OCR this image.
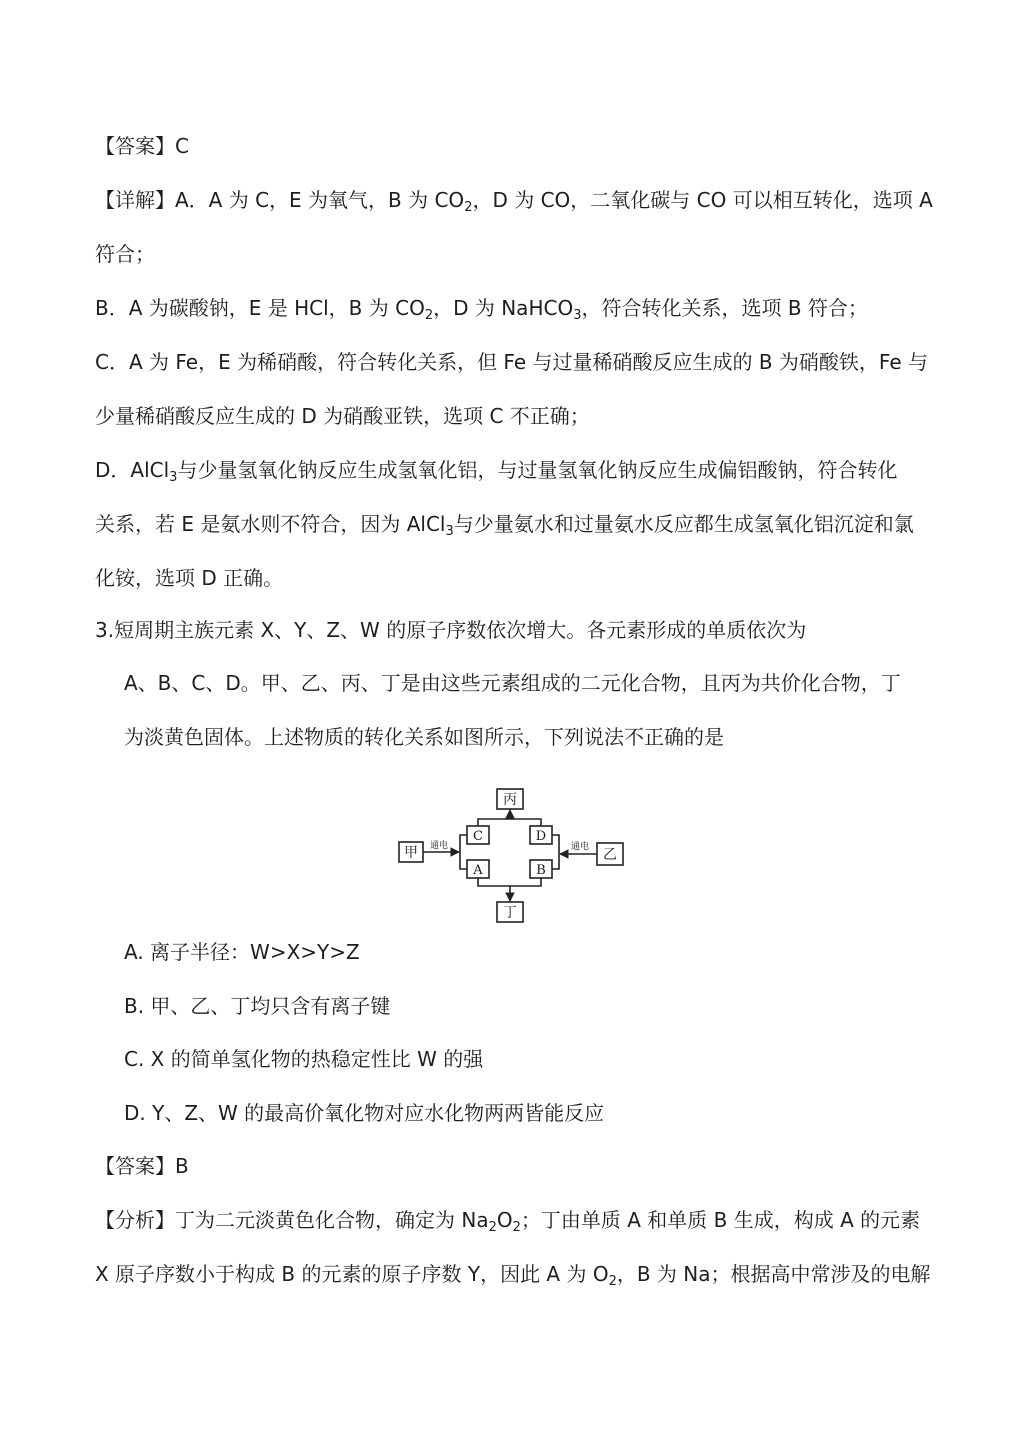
【答案】C
【详解】A．A 为 C，E 为氧气，B 为 $CO_2$，D 为 CO，二氧化碳与 CO 可以相互转化，选项 A
符合；
B．A 为碳酸钠，E 是 HCl，B 为 $CO_2$，D 为 NaHCO$_3$，符合转化关系，选项 B 符合；
C．A 为 Fe，E 为稀硝酸，符合转化关系，但 Fe 与过量稀硝酸反应生成的 B 为硝酸铁，Fe 与
少量稀硝酸反应生成的 D 为硝酸亚铁，选项 C 不正确；
D．AlCl$_3$与少量氢氧化钠反应生成氢氧化铝，与过量氢氧化钠反应生成偏铝酸钠，符合转化
关系，若 E 是氨水则不符合，因为 AlCl$_3$与少量氨水和过量氨水反应都生成氢氧化铝沉淀和氯
化铵，选项 D 正确。
3.短周期主族元素 X、Y、Z、W 的原子序数依次增大。各元素形成的单质依次为
A、B、C、D。甲、乙、丙、丁是由这些元素组成的二元化合物，且丙为共价化合物，丁
为淡黄色固体。上述物质的转化关系如图所示，下列说法不正确的是
丙
丁
甲	乙
C	D
A	B
通电	通电
A. 离子半径：W>X>Y>Z
B. 甲、乙、丁均只含有离子键
C. X 的简单氢化物的热稳定性比 W 的强
D. Y、Z、W 的最高价氧化物对应水化物两两皆能反应
【答案】B
【分析】丁为二元淡黄色化合物，确定为 $Na_2O_2$；丁由单质 A 和单质 B 生成，构成 A 的元素
X 原子序数小于构成 B 的元素的原子序数 Y，因此 A 为 $O_2$，B 为 Na；根据高中常涉及的电解
